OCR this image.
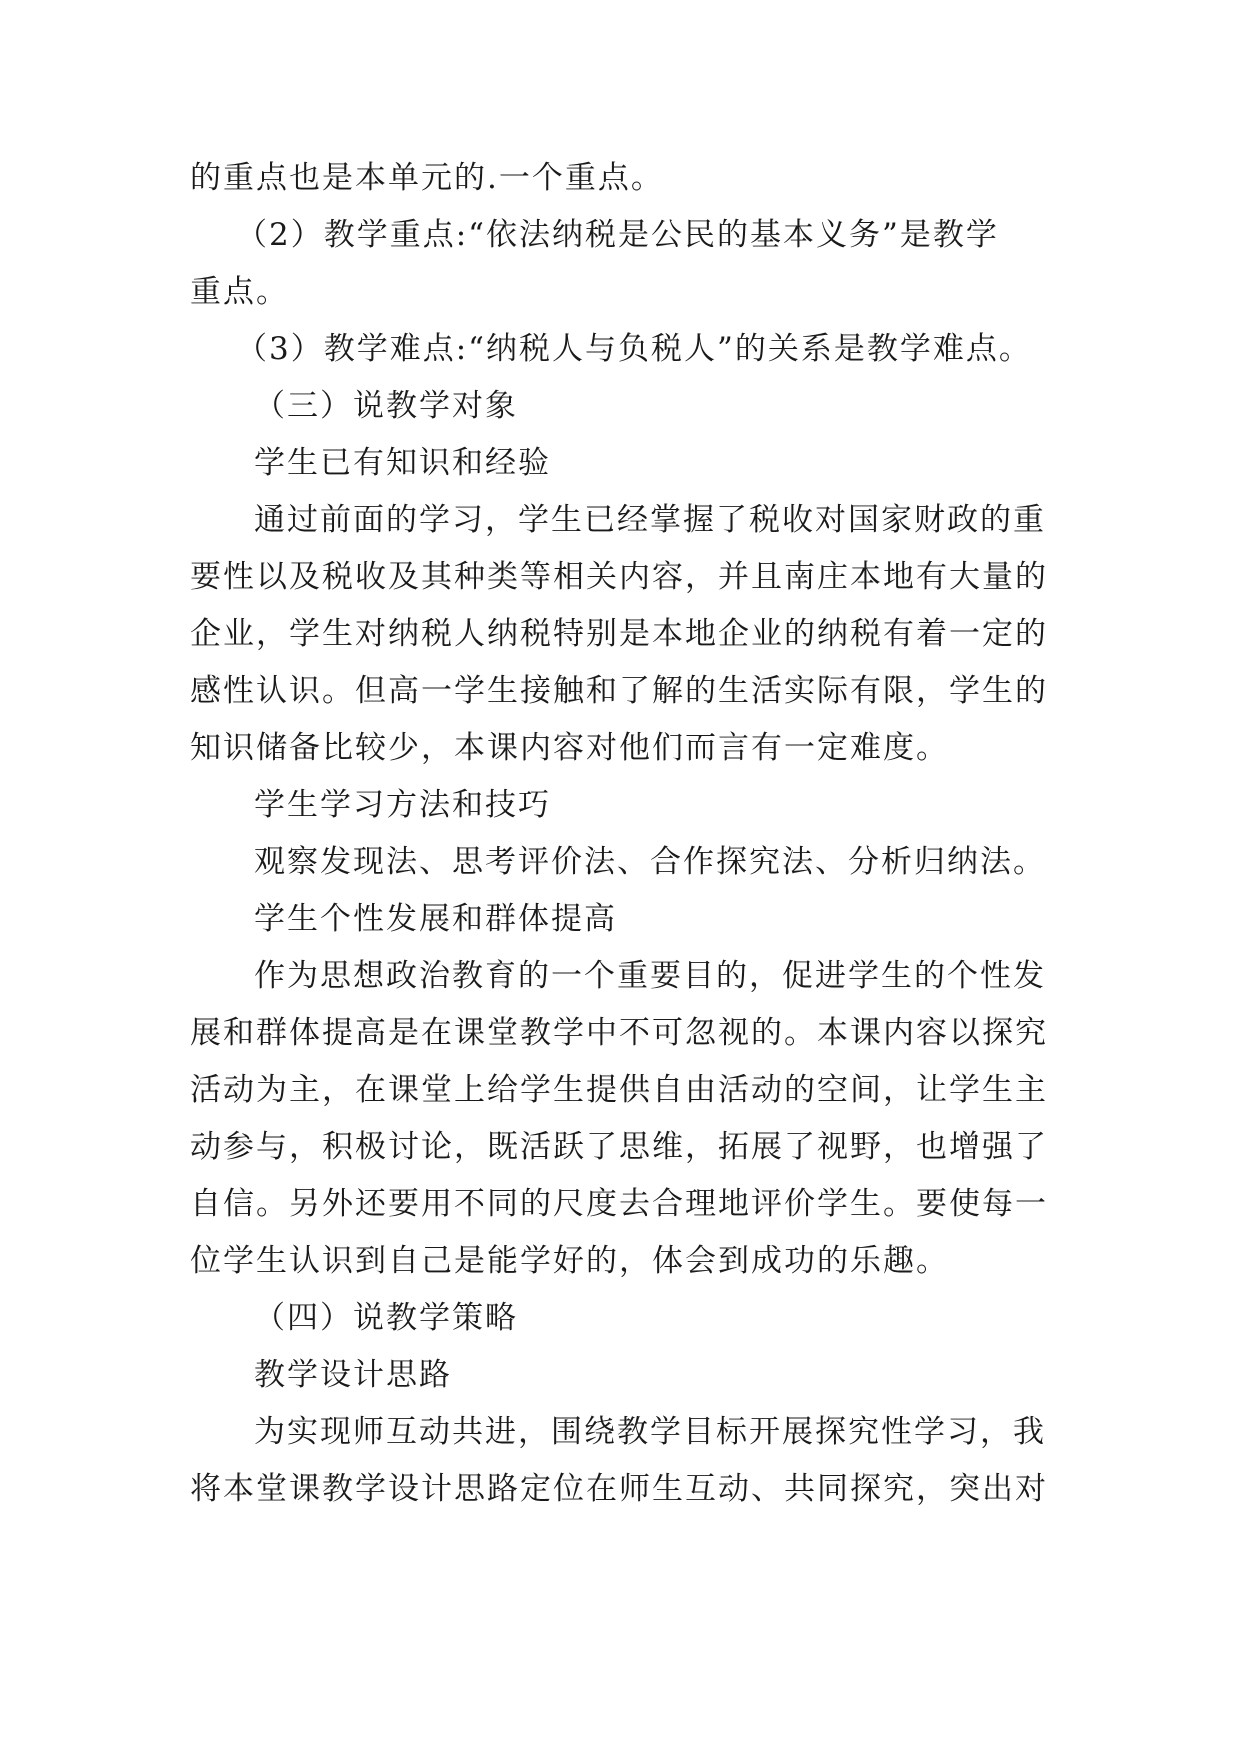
的重点也是本单元的.一个重点。
（2）教学重点:“依法纳税是公民的基本义务”是教学
重点。
（3）教学难点:“纳税人与负税人”的关系是教学难点。
（三）说教学对象
学生已有知识和经验
通过前面的学习，学生已经掌握了税收对国家财政的重
要性以及税收及其种类等相关内容，并且南庄本地有大量的
企业，学生对纳税人纳税特别是本地企业的纳税有着一定的
感性认识。但高一学生接触和了解的生活实际有限，学生的
知识储备比较少，本课内容对他们而言有一定难度。
学生学习方法和技巧
观察发现法、思考评价法、合作探究法、分析归纳法。
学生个性发展和群体提高
作为思想政治教育的一个重要目的，促进学生的个性发
展和群体提高是在课堂教学中不可忽视的。本课内容以探究
活动为主，在课堂上给学生提供自由活动的空间，让学生主
动参与，积极讨论，既活跃了思维，拓展了视野，也增强了
自信。另外还要用不同的尺度去合理地评价学生。要使每一
位学生认识到自己是能学好的，体会到成功的乐趣。
（四）说教学策略
教学设计思路
为实现师互动共进，围绕教学目标开展探究性学习，我
将本堂课教学设计思路定位在师生互动、共同探究，突出对
